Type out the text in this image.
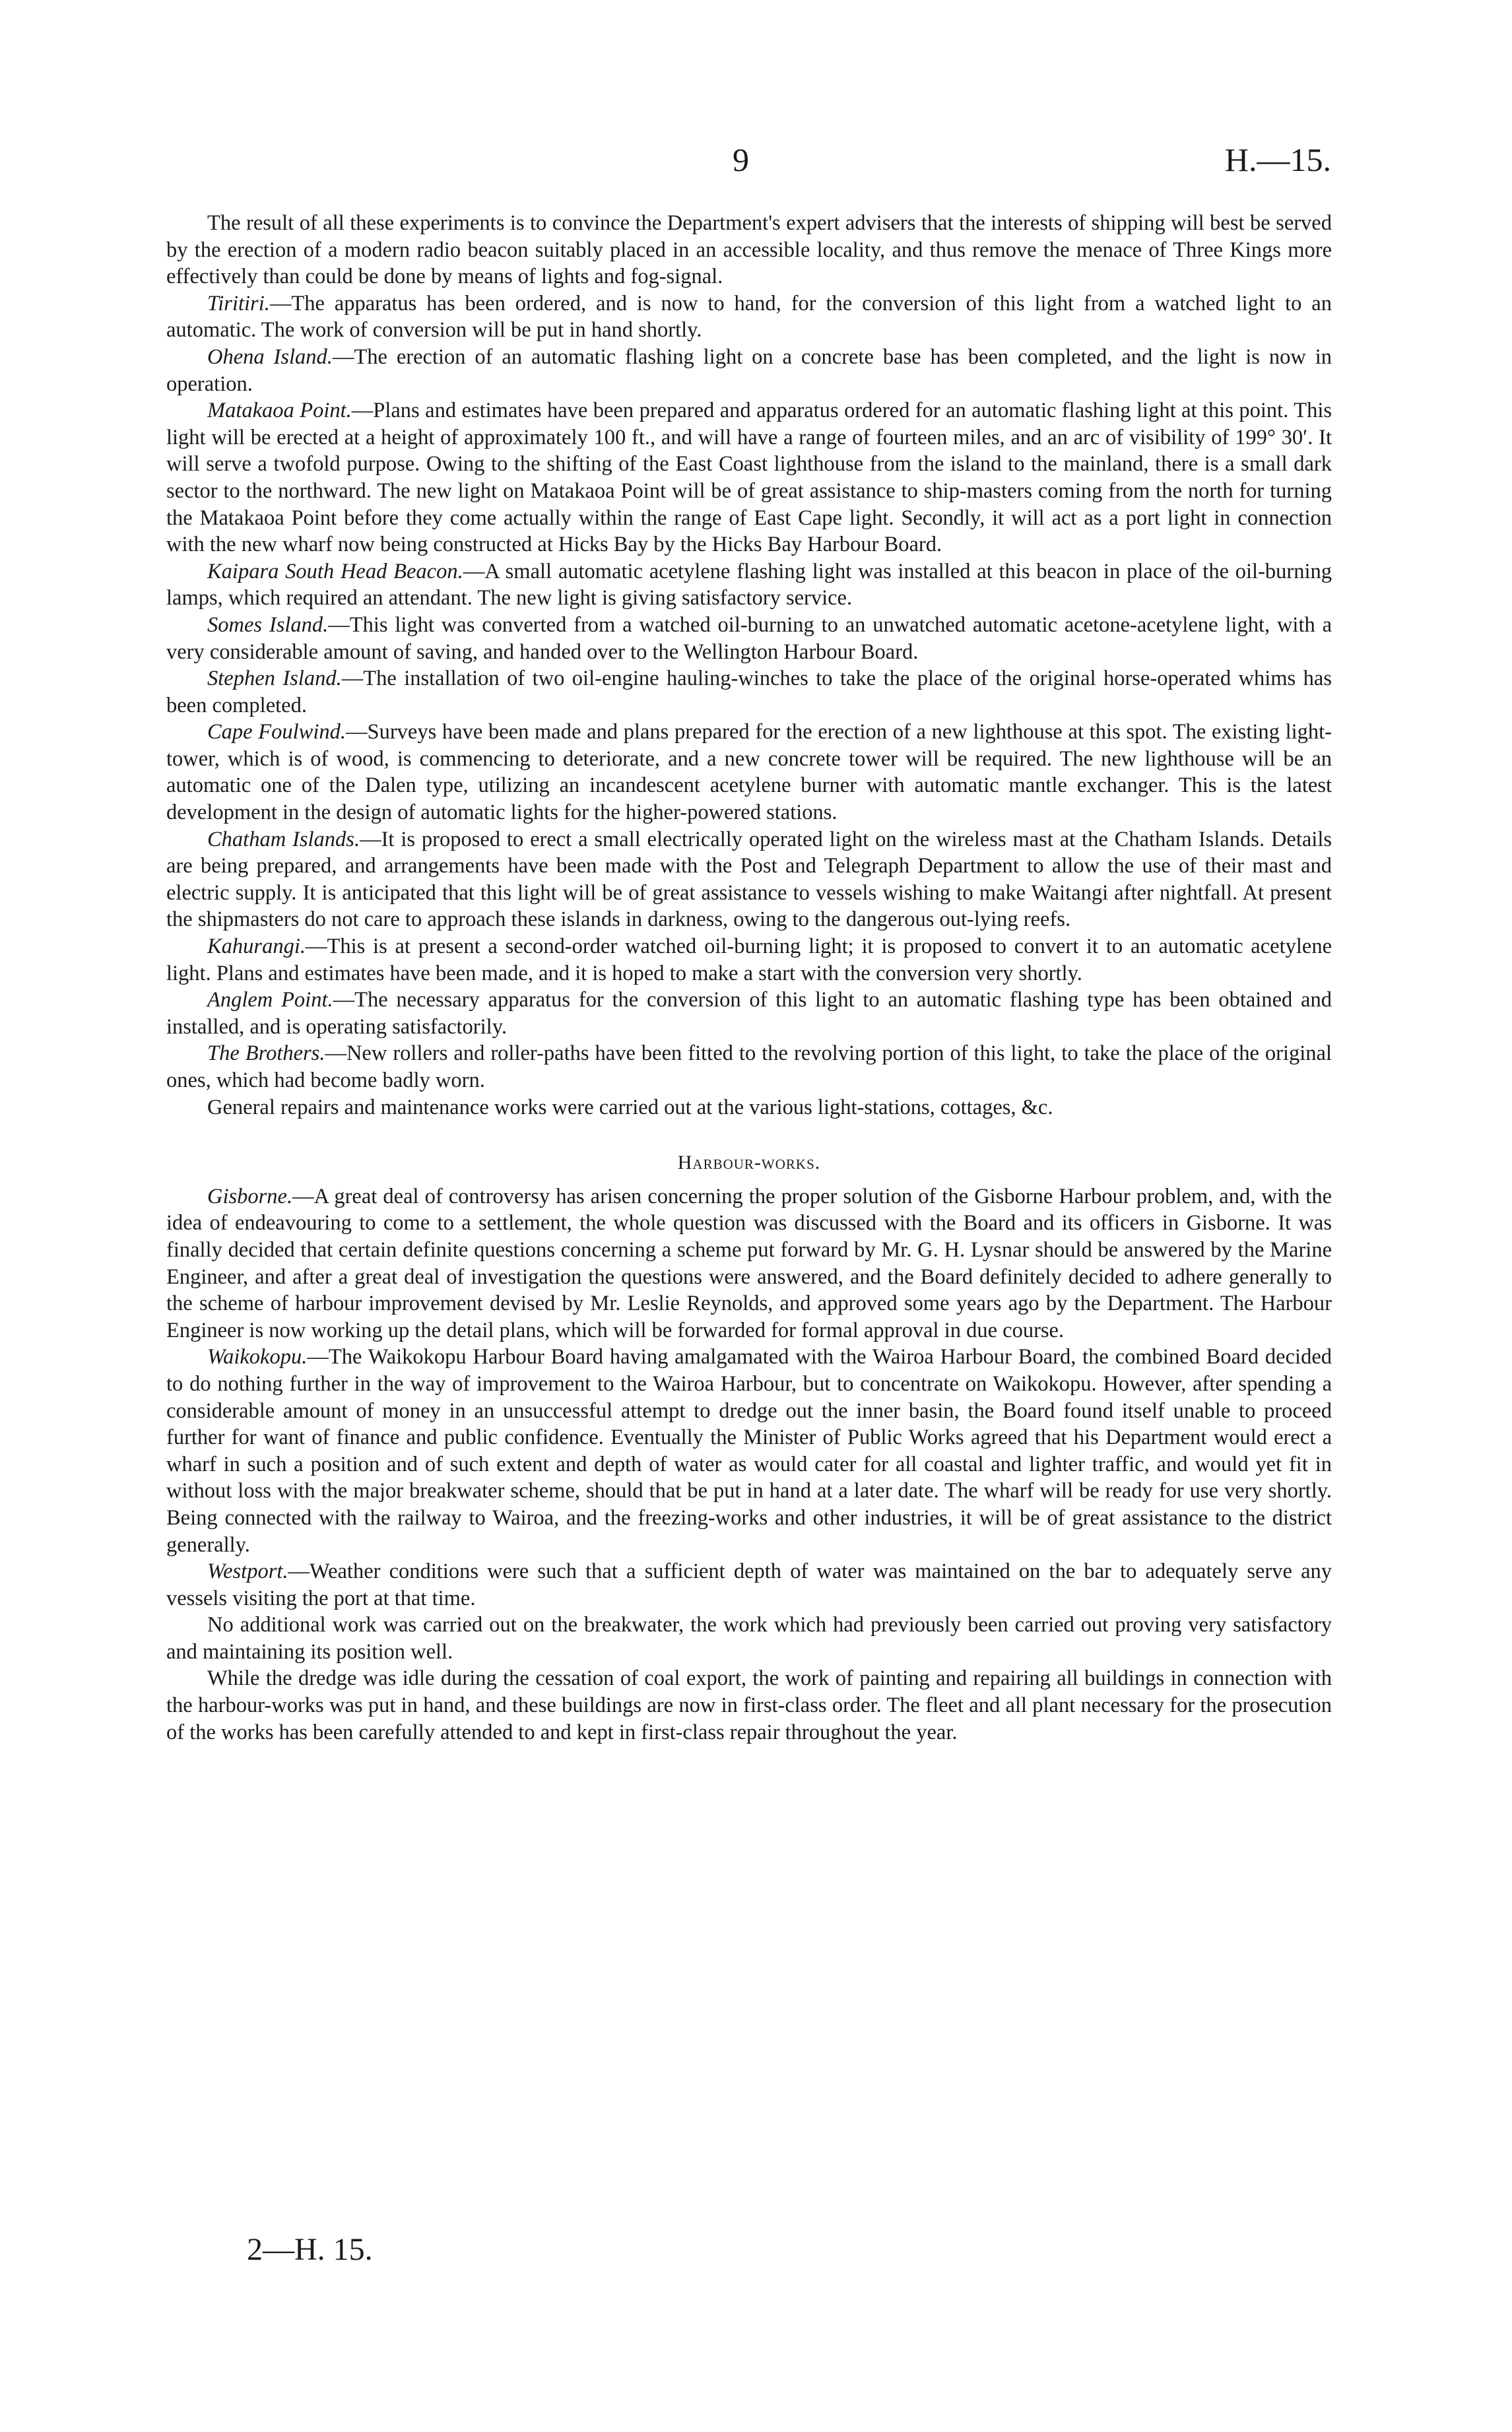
9	H.—15.

The result of all these experiments is to convince the Department's expert advisers that the interests of shipping will best be served by the erection of a modern radio beacon suitably placed in an accessible locality, and thus remove the menace of Three Kings more effectively than could be done by means of lights and fog-signal.

Tiritiri.—The apparatus has been ordered, and is now to hand, for the conversion of this light from a watched light to an automatic. The work of conversion will be put in hand shortly.

Ohena Island.—The erection of an automatic flashing light on a concrete base has been completed, and the light is now in operation.

Matakaoa Point.—Plans and estimates have been prepared and apparatus ordered for an automatic flashing light at this point. This light will be erected at a height of approximately 100 ft., and will have a range of fourteen miles, and an arc of visibility of 199° 30′. It will serve a twofold purpose. Owing to the shifting of the East Coast lighthouse from the island to the mainland, there is a small dark sector to the northward. The new light on Matakaoa Point will be of great assistance to ship-masters coming from the north for turning the Matakaoa Point before they come actually within the range of East Cape light. Secondly, it will act as a port light in connection with the new wharf now being constructed at Hicks Bay by the Hicks Bay Harbour Board.

Kaipara South Head Beacon.—A small automatic acetylene flashing light was installed at this beacon in place of the oil-burning lamps, which required an attendant. The new light is giving satisfactory service.

Somes Island.—This light was converted from a watched oil-burning to an unwatched automatic acetone-acetylene light, with a very considerable amount of saving, and handed over to the Wellington Harbour Board.

Stephen Island.—The installation of two oil-engine hauling-winches to take the place of the original horse-operated whims has been completed.

Cape Foulwind.—Surveys have been made and plans prepared for the erection of a new lighthouse at this spot. The existing light-tower, which is of wood, is commencing to deteriorate, and a new concrete tower will be required. The new lighthouse will be an automatic one of the Dalen type, utilizing an incandescent acetylene burner with automatic mantle exchanger. This is the latest development in the design of automatic lights for the higher-powered stations.

Chatham Islands.—It is proposed to erect a small electrically operated light on the wireless mast at the Chatham Islands. Details are being prepared, and arrangements have been made with the Post and Telegraph Department to allow the use of their mast and electric supply. It is anticipated that this light will be of great assistance to vessels wishing to make Waitangi after nightfall. At present the shipmasters do not care to approach these islands in darkness, owing to the dangerous out-lying reefs.

Kahurangi.—This is at present a second-order watched oil-burning light; it is proposed to convert it to an automatic acetylene light. Plans and estimates have been made, and it is hoped to make a start with the conversion very shortly.

Anglem Point.—The necessary apparatus for the conversion of this light to an automatic flashing type has been obtained and installed, and is operating satisfactorily.

The Brothers.—New rollers and roller-paths have been fitted to the revolving portion of this light, to take the place of the original ones, which had become badly worn.

General repairs and maintenance works were carried out at the various light-stations, cottages, &c.

Harbour-works.

Gisborne.—A great deal of controversy has arisen concerning the proper solution of the Gisborne Harbour problem, and, with the idea of endeavouring to come to a settlement, the whole question was discussed with the Board and its officers in Gisborne. It was finally decided that certain definite questions concerning a scheme put forward by Mr. G. H. Lysnar should be answered by the Marine Engineer, and after a great deal of investigation the questions were answered, and the Board definitely decided to adhere generally to the scheme of harbour improvement devised by Mr. Leslie Reynolds, and approved some years ago by the Department. The Harbour Engineer is now working up the detail plans, which will be forwarded for formal approval in due course.

Waikokopu.—The Waikokopu Harbour Board having amalgamated with the Wairoa Harbour Board, the combined Board decided to do nothing further in the way of improvement to the Wairoa Harbour, but to concentrate on Waikokopu. However, after spending a considerable amount of money in an unsuccessful attempt to dredge out the inner basin, the Board found itself unable to proceed further for want of finance and public confidence. Eventually the Minister of Public Works agreed that his Department would erect a wharf in such a position and of such extent and depth of water as would cater for all coastal and lighter traffic, and would yet fit in without loss with the major breakwater scheme, should that be put in hand at a later date. The wharf will be ready for use very shortly. Being connected with the railway to Wairoa, and the freezing-works and other industries, it will be of great assistance to the district generally.

Westport.—Weather conditions were such that a sufficient depth of water was maintained on the bar to adequately serve any vessels visiting the port at that time.

No additional work was carried out on the breakwater, the work which had previously been carried out proving very satisfactory and maintaining its position well.

While the dredge was idle during the cessation of coal export, the work of painting and repairing all buildings in connection with the harbour-works was put in hand, and these buildings are now in first-class order. The fleet and all plant necessary for the prosecution of the works has been carefully attended to and kept in first-class repair throughout the year.

2—H. 15.
